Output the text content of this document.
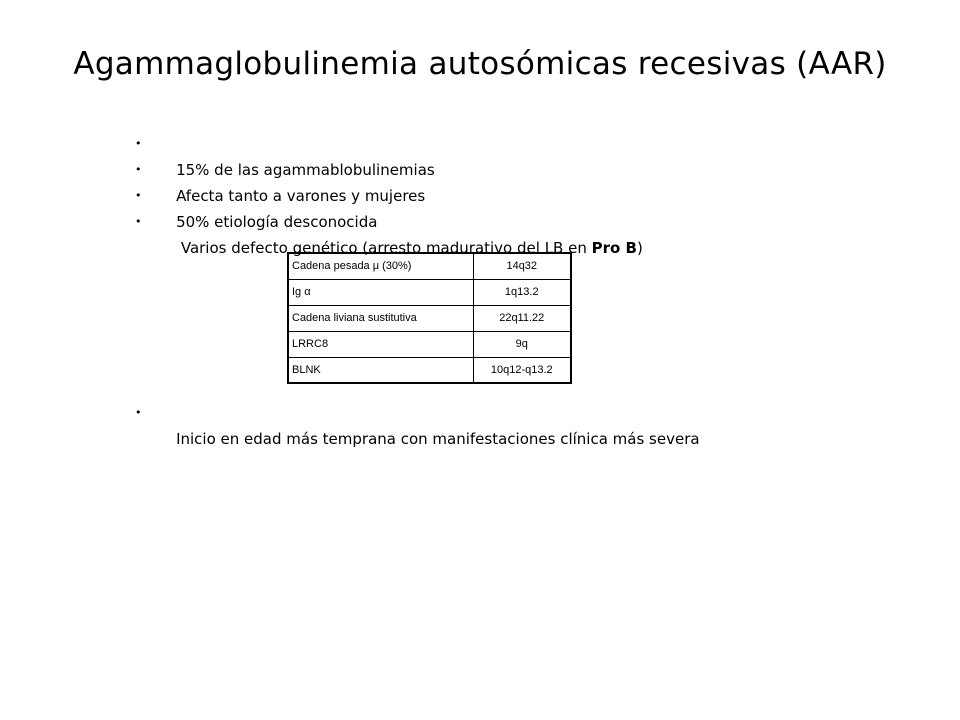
Agammaglobulinemia autosómicas recesivas (AAR)

•
15% de las agammablobulinemias

•
Afecta tanto a varones y mujeres

•
50% etiología desconocida

•
Varios defecto genético (arresto madurativo del LB en Pro B)

Cadena pesada μ (30%)	14q32
Ig α	1q13.2
Cadena liviana sustitutiva	22q11.22
LRRC8	9q
BLNK	10q12-q13.2

•
Inicio en edad más temprana con manifestaciones clínica más severa
